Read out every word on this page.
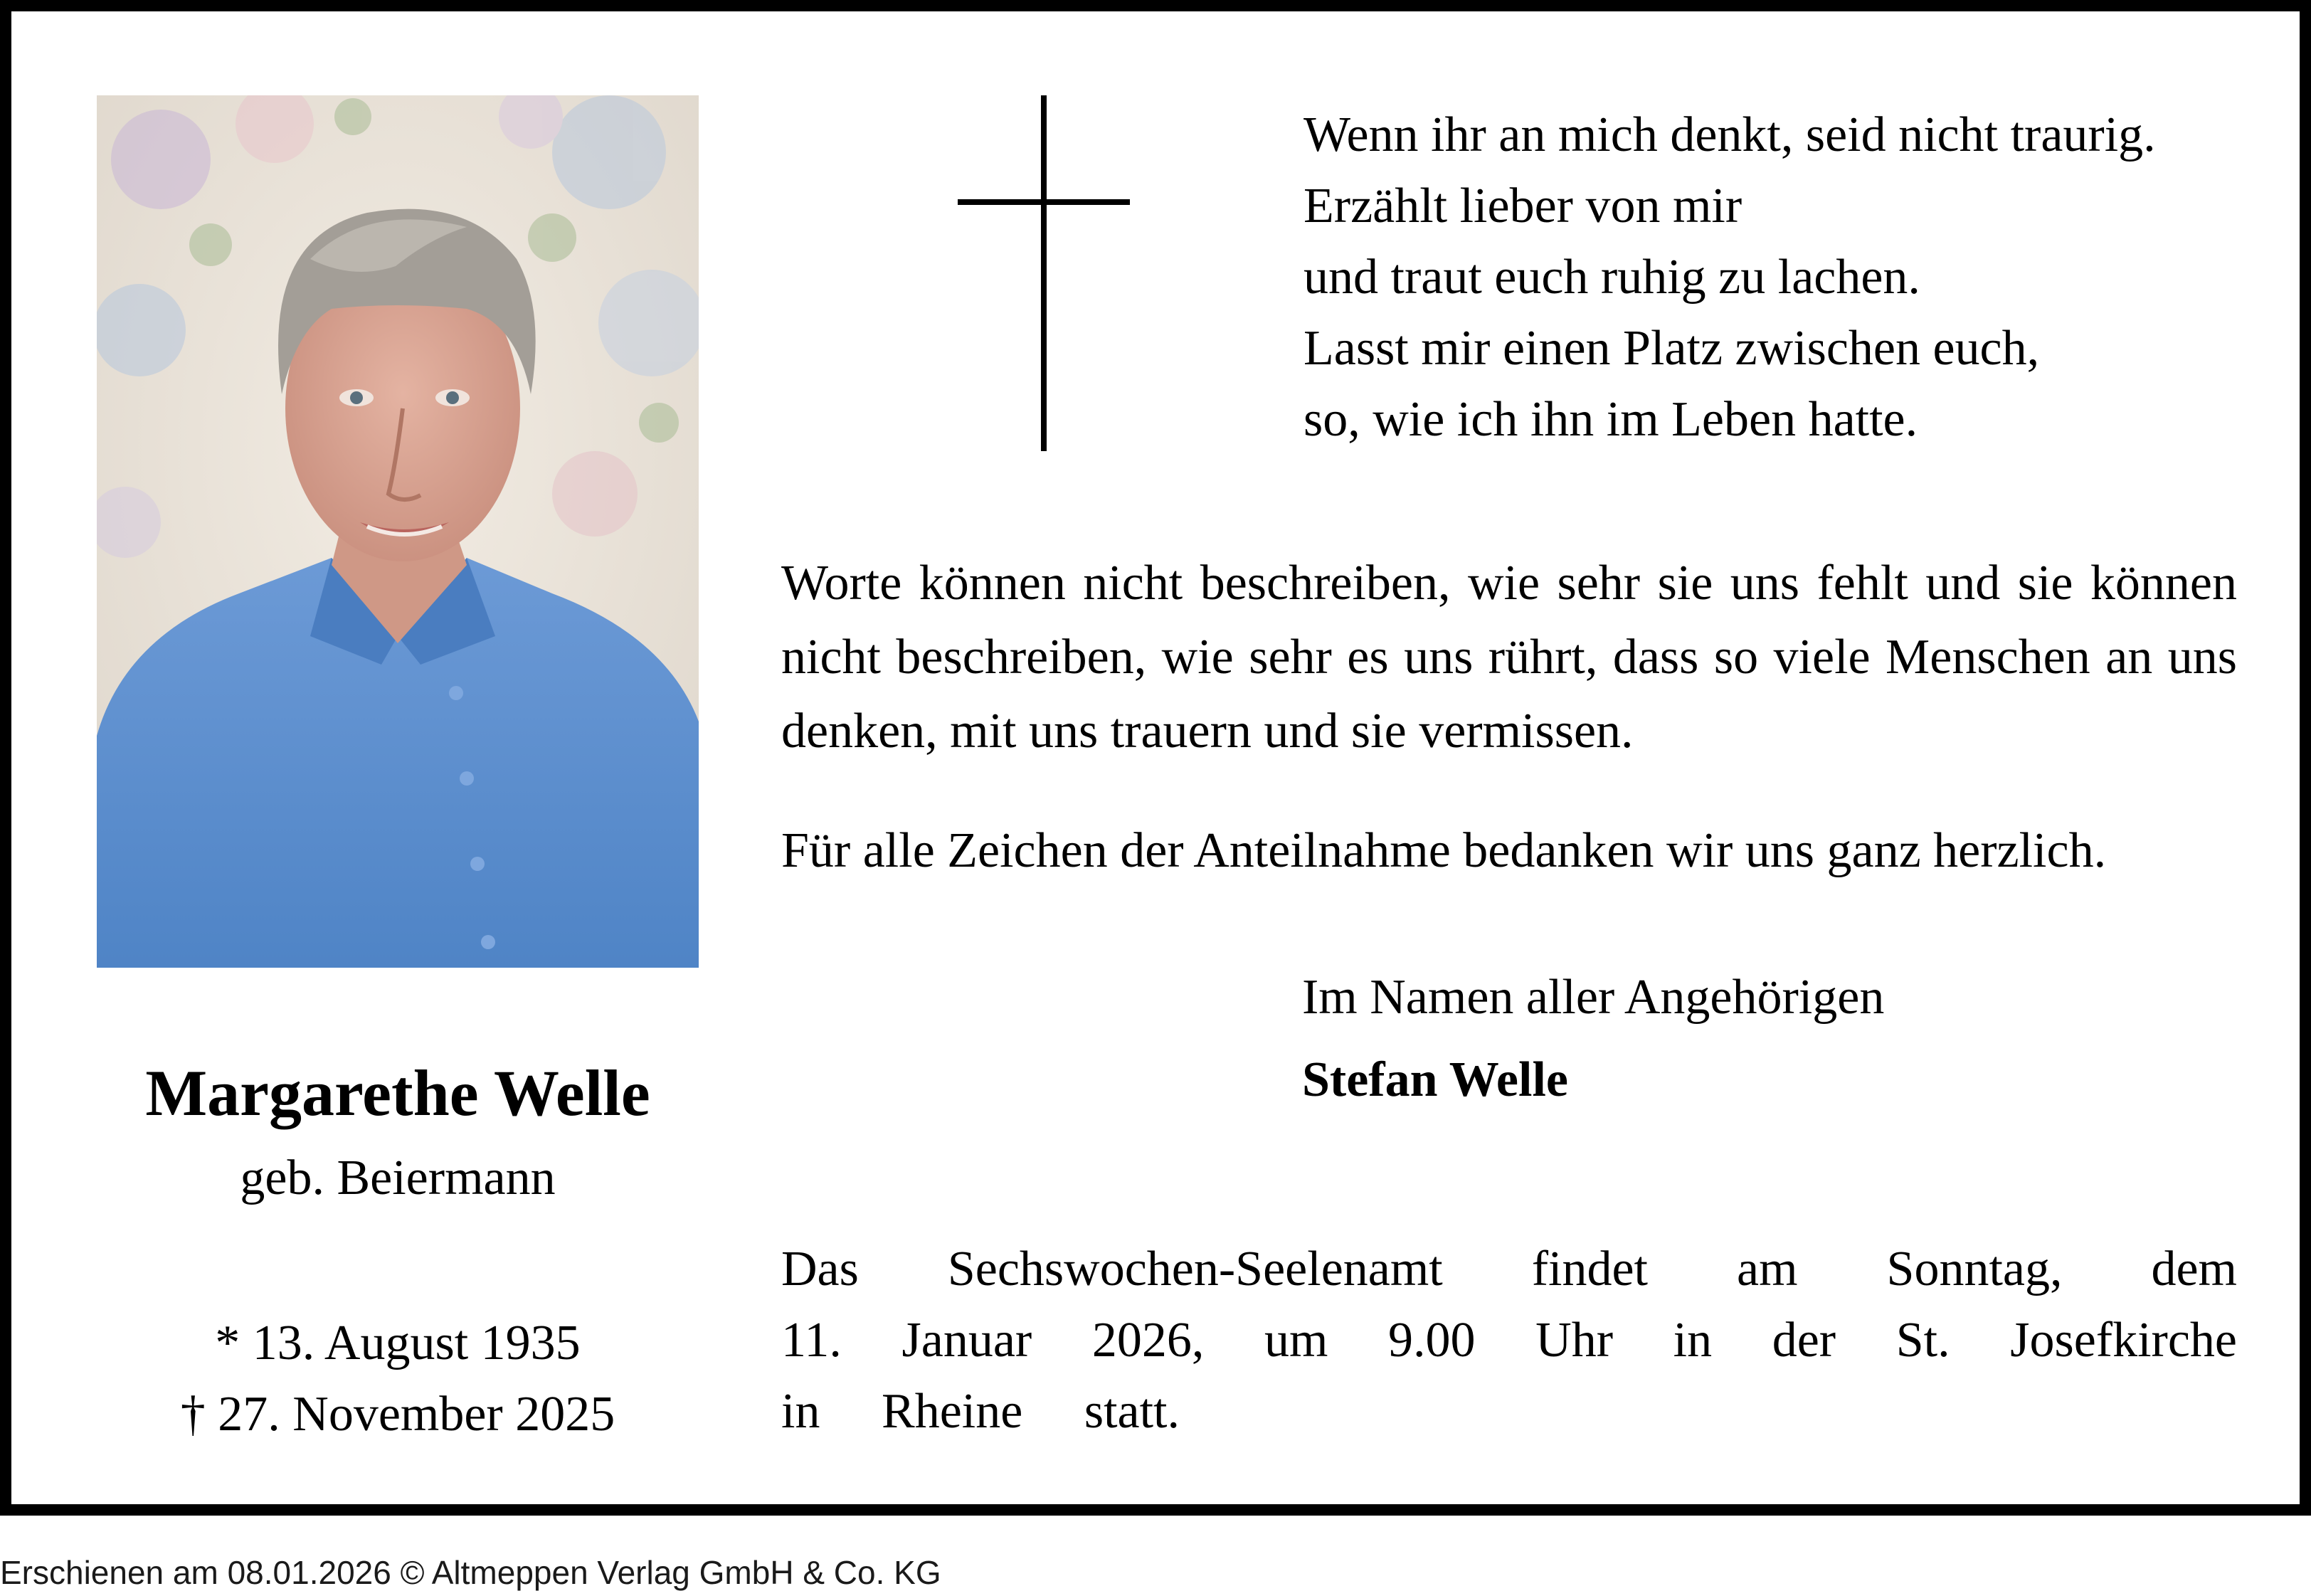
Margarethe Welle
geb. Beiermann
* 13. August 1935
† 27. November 2025
Wenn ihr an mich denkt, seid nicht traurig.
Erzählt lieber von mir
und traut euch ruhig zu lachen.
Lasst mir einen Platz zwischen euch,
so, wie ich ihn im Leben hatte.
Worte können nicht beschreiben, wie sehr sie uns fehlt und sie können nicht beschreiben, wie sehr es uns rührt, dass so viele Menschen an uns denken, mit uns trauern und sie vermissen.
Für alle Zeichen der Anteilnahme bedanken wir uns ganz herzlich.
Im Namen aller Angehörigen
Stefan Welle
Das Sechswochen-Seelenamt findet am Sonntag, dem
11. Januar 2026, um 9.00 Uhr in der St. Josefkirche
in Rheine statt.
Erschienen am 08.01.2026 © Altmeppen Verlag GmbH & Co. KG
